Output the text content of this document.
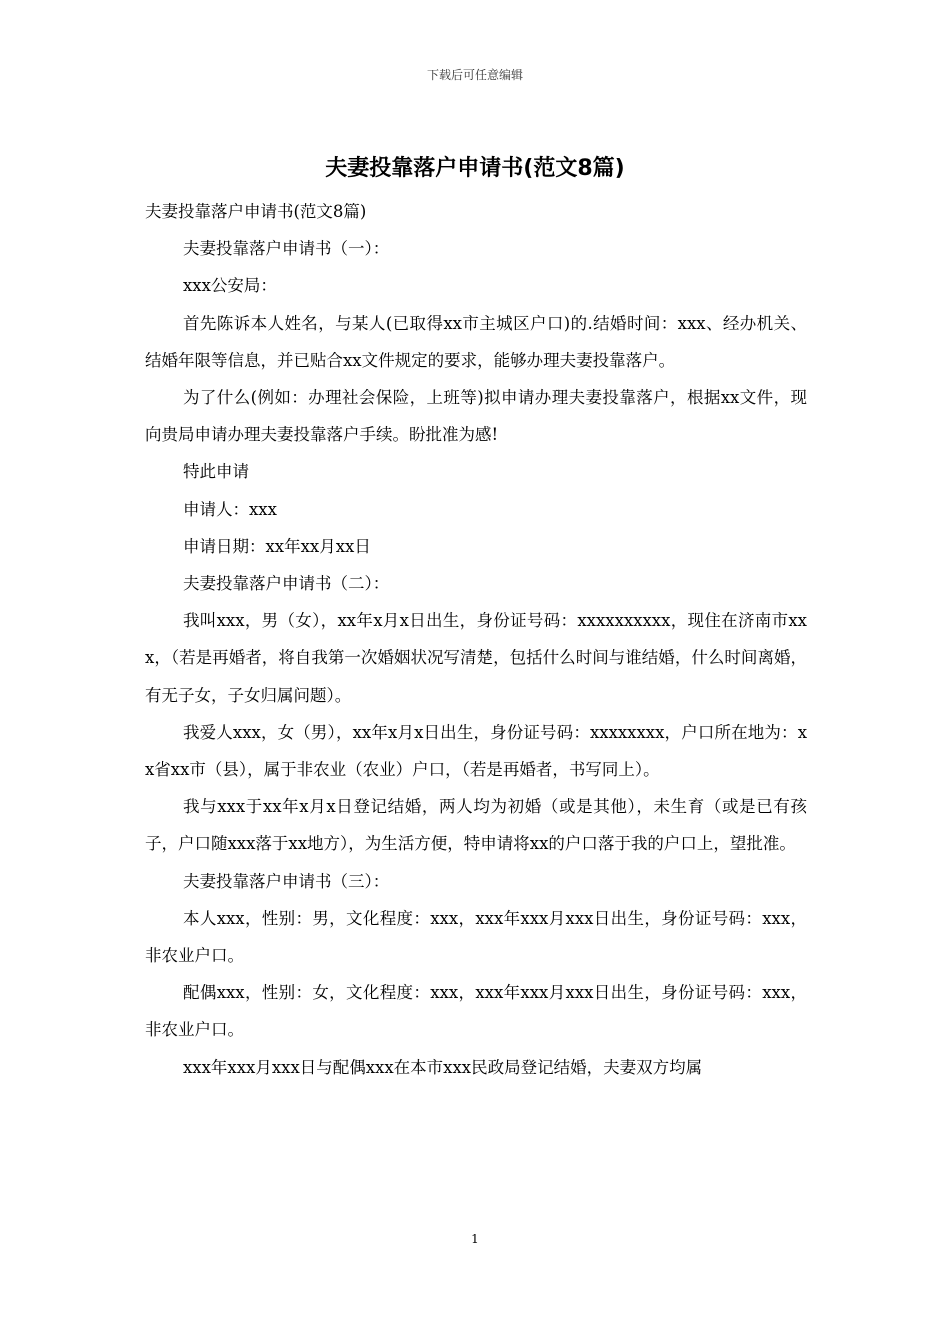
下载后可任意编辑
夫妻投靠落户申请书(范文8篇)

夫妻投靠落户申请书(范文8篇)

夫妻投靠落户申请书（一）：

xxx公安局：

首先陈诉本人姓名，与某人(已取得xx市主城区户口)的.结婚时间：xxx、经办机关、结婚年限等信息，并已贴合xx文件规定的要求，能够办理夫妻投靠落户。

为了什么(例如：办理社会保险，上班等)拟申请办理夫妻投靠落户，根据xx文件，现向贵局申请办理夫妻投靠落户手续。盼批准为感!

特此申请

申请人：xxx

申请日期：xx年xx月xx日

夫妻投靠落户申请书（二）：

我叫xxx，男（女），xx年x月x日出生，身份证号码：xxxxxxxxxx，现住在济南市xxx，（若是再婚者，将自我第一次婚姻状况写清楚，包括什么时间与谁结婚，什么时间离婚，有无子女，子女归属问题）。

我爱人xxx，女（男），xx年x月x日出生，身份证号码：xxxxxxxx，户口所在地为：xx省xx市（县），属于非农业（农业）户口，（若是再婚者，书写同上）。

我与xxx于xx年x月x日登记结婚，两人均为初婚（或是其他），未生育（或是已有孩子，户口随xxx落于xx地方），为生活方便，特申请将xx的户口落于我的户口上，望批准。

夫妻投靠落户申请书（三）：

本人xxx，性别：男，文化程度：xxx，xxx年xxx月xxx日出生，身份证号码：xxx，非农业户口。

配偶xxx，性别：女，文化程度：xxx，xxx年xxx月xxx日出生，身份证号码：xxx，非农业户口。

xxx年xxx月xxx日与配偶xxx在本市xxx民政局登记结婚，夫妻双方均属

1
